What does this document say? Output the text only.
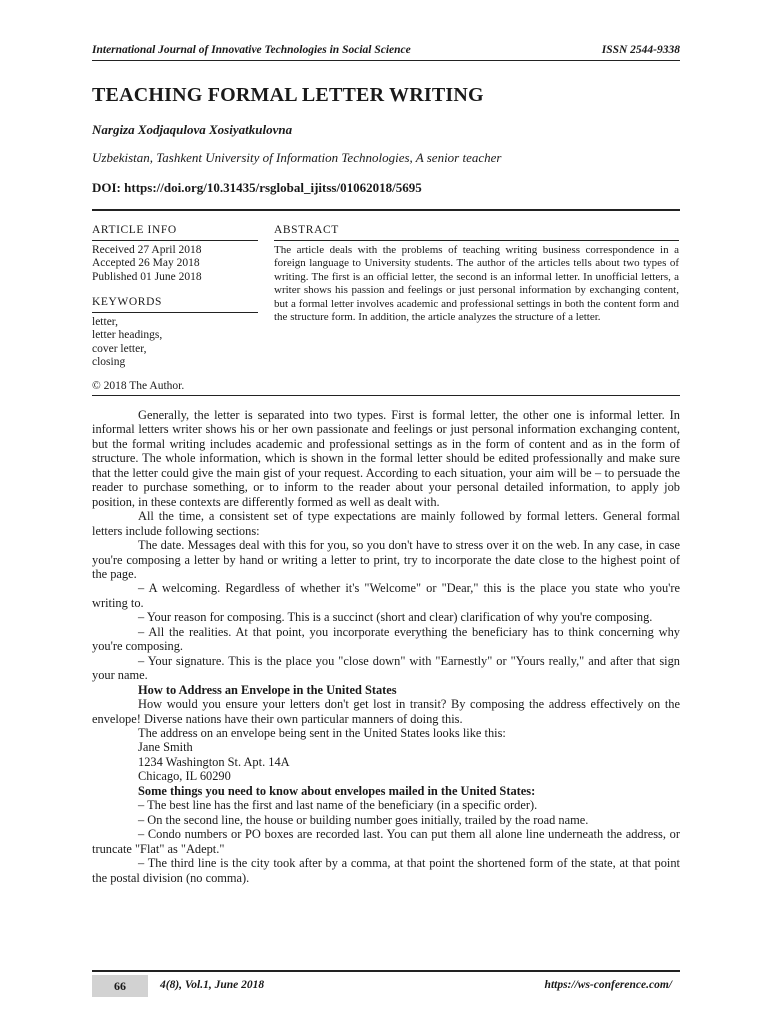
International Journal of Innovative Technologies in Social Science	ISSN 2544-9338
TEACHING FORMAL LETTER WRITING
Nargiza Xodjaqulova Xosiyatkulovna
Uzbekistan, Tashkent University of Information Technologies, A senior teacher
DOI: https://doi.org/10.31435/rsglobal_ijitss/01062018/5695
ARTICLE INFO
Received 27 April 2018
Accepted 26 May 2018
Published 01 June 2018
KEYWORDS
letter,
letter headings,
cover letter,
closing
ABSTRACT
The article deals with the problems of teaching writing business correspondence in a foreign language to University students. The author of the articles tells about two types of writing. The first is an official letter, the second is an informal letter. In unofficial letters, a writer shows his passion and feelings or just personal information by exchanging content, but a formal letter involves academic and professional settings in both the content form and the structure form. In addition, the article analyzes the structure of a letter.
© 2018 The Author.

Generally, the letter is separated into two types. First is formal letter, the other one is informal letter. In informal letters writer shows his or her own passionate and feelings or just personal information exchanging content, but the formal writing includes academic and professional settings as in the form of content and as in the form of structure. The whole information, which is shown in the formal letter should be edited professionally and make sure that the letter could give the main gist of your request. According to each situation, your aim will be – to persuade the reader to purchase something, or to inform to the reader about your personal detailed information, to apply job position, in these contexts are differently formed as well as dealt with.

All the time, a consistent set of type expectations are mainly followed by formal letters. General formal letters include following sections:

The date. Messages deal with this for you, so you don't have to stress over it on the web. In any case, in case you're composing a letter by hand or writing a letter to print, try to incorporate the date close to the highest point of the page.

– A welcoming. Regardless of whether it's "Welcome" or "Dear," this is the place you state who you're writing to.

– Your reason for composing. This is a succinct (short and clear) clarification of why you're composing.

– All the realities. At that point, you incorporate everything the beneficiary has to think concerning why you're composing.

– Your signature. This is the place you "close down" with "Earnestly" or "Yours really," and after that sign your name.

How to Address an Envelope in the United States

How would you ensure your letters don't get lost in transit? By composing the address effectively on the envelope! Diverse nations have their own particular manners of doing this.

The address on an envelope being sent in the United States looks like this:

Jane Smith

1234 Washington St. Apt. 14A

Chicago, IL 60290

Some things you need to know about envelopes mailed in the United States:

– The best line has the first and last name of the beneficiary (in a specific order).

– On the second line, the house or building number goes initially, trailed by the road name.

– Condo numbers or PO boxes are recorded last. You can put them all alone line underneath the address, or truncate "Flat" as "Adept."

– The third line is the city took after by a comma, at that point the shortened form of the state, at that point the postal division (no comma).

66	4(8), Vol.1, June 2018	https://ws-conference.com/
